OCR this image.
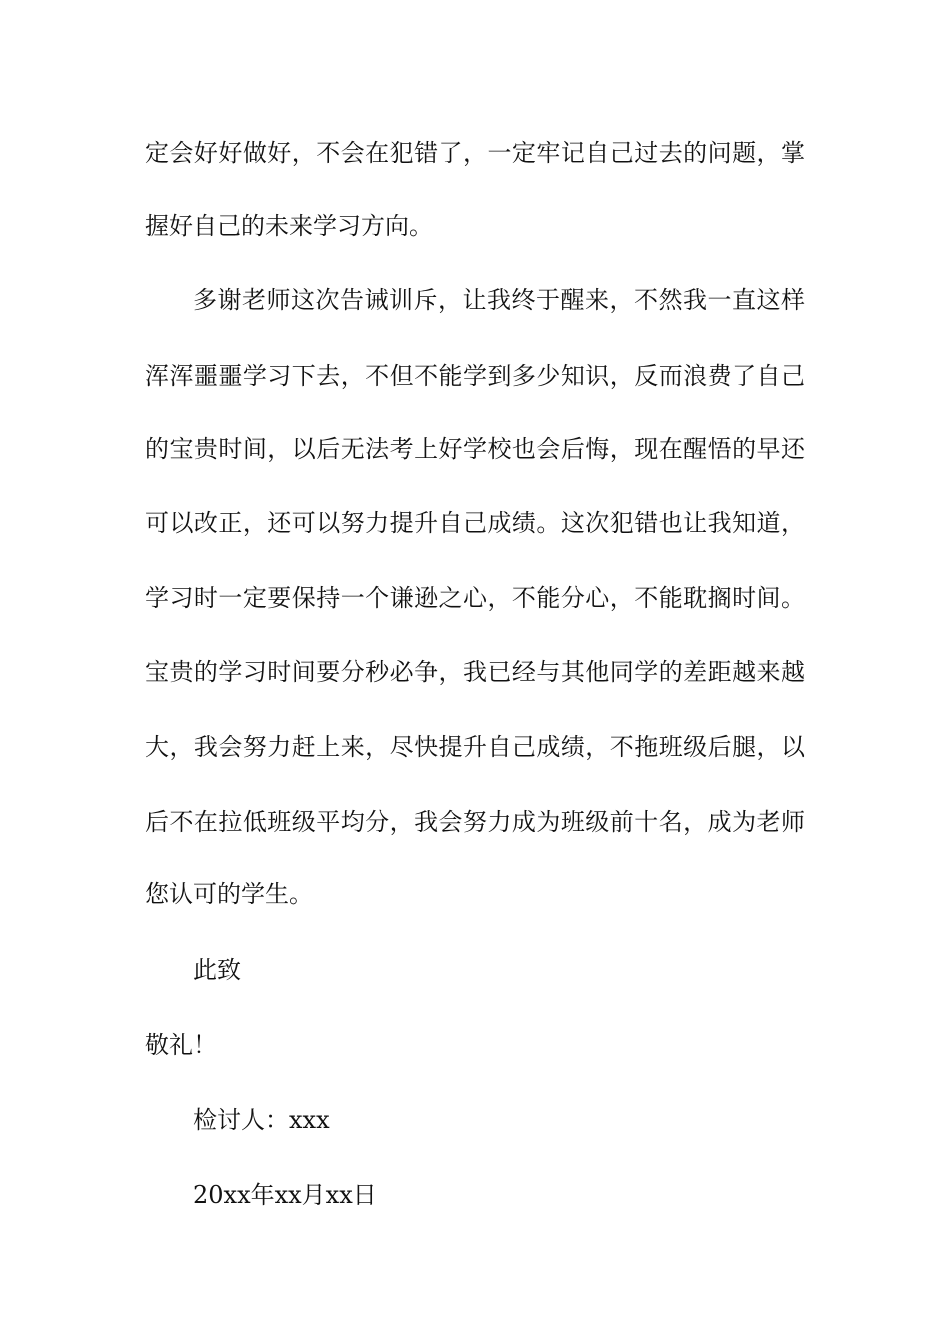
定会好好做好，不会在犯错了，一定牢记自己过去的问题，掌
握好自己的未来学习方向。
多谢老师这次告诫训斥，让我终于醒来，不然我一直这样
浑浑噩噩学习下去，不但不能学到多少知识，反而浪费了自己
的宝贵时间，以后无法考上好学校也会后悔，现在醒悟的早还
可以改正，还可以努力提升自己成绩。这次犯错也让我知道，
学习时一定要保持一个谦逊之心，不能分心，不能耽搁时间。
宝贵的学习时间要分秒必争，我已经与其他同学的差距越来越
大，我会努力赶上来，尽快提升自己成绩，不拖班级后腿，以
后不在拉低班级平均分，我会努力成为班级前十名，成为老师
您认可的学生。
此致
敬礼！
检讨人：xxx
20xx年xx月xx日
